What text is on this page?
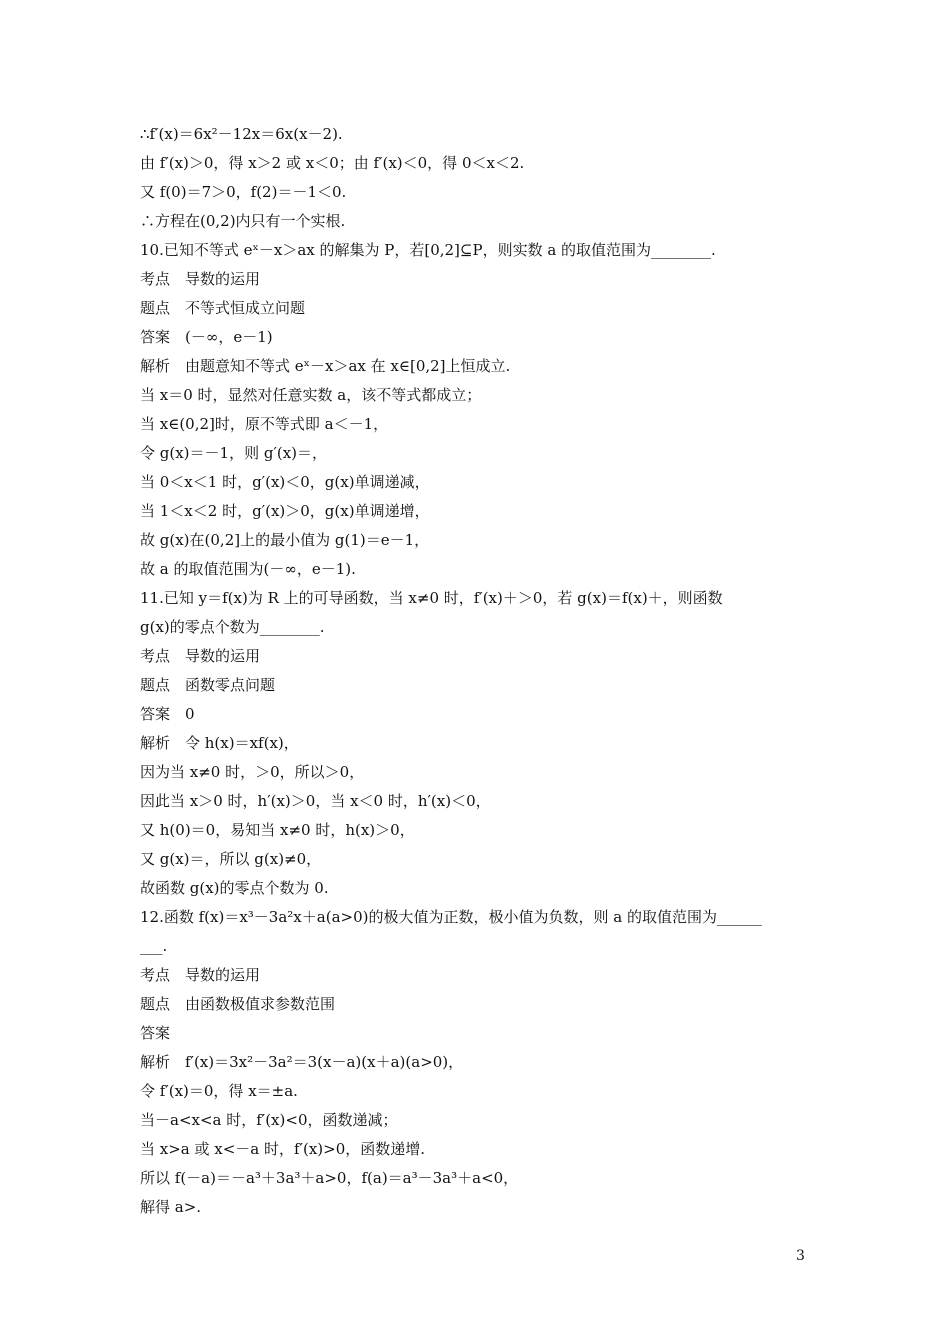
∴f′(x)＝6x²－12x＝6x(x－2).
由 f′(x)＞0，得 x＞2 或 x＜0；由 f′(x)＜0，得 0＜x＜2.
又 f(0)＝7＞0，f(2)＝－1＜0.
∴方程在(0,2)内只有一个实根.
10.已知不等式 eˣ－x＞ax 的解集为 P，若[0,2]⊆P，则实数 a 的取值范围为________.
考点　导数的运用
题点　不等式恒成立问题
答案　(－∞，e－1)
解析　由题意知不等式 eˣ－x＞ax 在 x∈[0,2]上恒成立.
当 x＝0 时，显然对任意实数 a，该不等式都成立；
当 x∈(0,2]时，原不等式即 a＜－1，
令 g(x)＝－1，则 g′(x)＝，
当 0＜x＜1 时，g′(x)＜0，g(x)单调递减，
当 1＜x＜2 时，g′(x)＞0，g(x)单调递增，
故 g(x)在(0,2]上的最小值为 g(1)＝e－1，
故 a 的取值范围为(－∞，e－1).
11.已知 y＝f(x)为 R 上的可导函数，当 x≠0 时，f′(x)＋＞0，若 g(x)＝f(x)＋，则函数
g(x)的零点个数为________.
考点　导数的运用
题点　函数零点问题
答案　0
解析　令 h(x)＝xf(x)，
因为当 x≠0 时，＞0，所以＞0，
因此当 x＞0 时，h′(x)＞0，当 x＜0 时，h′(x)＜0，
又 h(0)＝0，易知当 x≠0 时，h(x)＞0，
又 g(x)＝，所以 g(x)≠0，
故函数 g(x)的零点个数为 0.
12.函数 f(x)＝x³－3a²x＋a(a>0)的极大值为正数，极小值为负数，则 a 的取值范围为______
___.
考点　导数的运用
题点　由函数极值求参数范围
答案
解析　f′(x)＝3x²－3a²＝3(x－a)(x＋a)(a>0)，
令 f′(x)＝0，得 x＝±a.
当－a<x<a 时，f′(x)<0，函数递减；
当 x>a 或 x<－a 时，f′(x)>0，函数递增.
所以 f(－a)＝－a³＋3a³＋a>0，f(a)＝a³－3a³＋a<0，
解得 a>.
3
